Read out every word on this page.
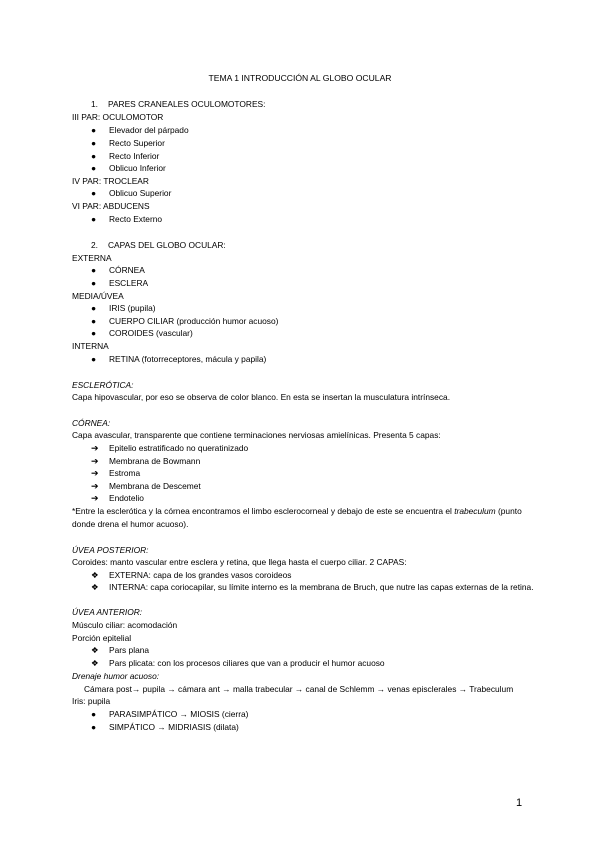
TEMA 1 INTRODUCCIÓN AL GLOBO OCULAR
1. PARES CRANEALES OCULOMOTORES:
III PAR: OCULOMOTOR
● Elevador del párpado
● Recto Superior
● Recto Inferior
● Oblicuo Inferior
IV PAR: TROCLEAR
● Oblicuo Superior
VI PAR: ABDUCENS
● Recto Externo
2. CAPAS DEL GLOBO OCULAR:
EXTERNA
● CÓRNEA
● ESCLERA
MEDIA/ÚVEA
● IRIS (pupila)
● CUERPO CILIAR (producción humor acuoso)
● COROIDES (vascular)
INTERNA
● RETINA (fotorreceptores, mácula y papila)
ESCLERÓTICA:
Capa hipovascular, por eso se observa de color blanco. En esta se insertan la musculatura intrínseca.
CÓRNEA:
Capa avascular, transparente que contiene terminaciones nerviosas amielínicas. Presenta 5 capas:
➔ Epitelio estratificado no queratinizado
➔ Membrana de Bowmann
➔ Estroma
➔ Membrana de Descemet
➔ Endotelio
*Entre la esclerótica y la córnea encontramos el limbo esclerocorneal y debajo de este se encuentra el trabeculum (punto
donde drena el humor acuoso).
ÚVEA POSTERIOR:
Coroides: manto vascular entre esclera y retina, que llega hasta el cuerpo ciliar. 2 CAPAS:
❖ EXTERNA: capa de los grandes vasos coroideos
❖ INTERNA: capa coriocapilar, su límite interno es la membrana de Bruch, que nutre las capas externas de la retina.
ÚVEA ANTERIOR:
Músculo ciliar: acomodación
Porción epitelial
❖ Pars plana
❖ Pars plicata: con los procesos ciliares que van a producir el humor acuoso
Drenaje humor acuoso:
Cámara post→ pupila → cámara ant → malla trabecular → canal de Schlemm → venas episclerales → Trabeculum
Iris: pupila
● PARASIMPÁTICO → MIOSIS (cierra)
● SIMPÁTICO → MIDRIASIS (dilata)
1
